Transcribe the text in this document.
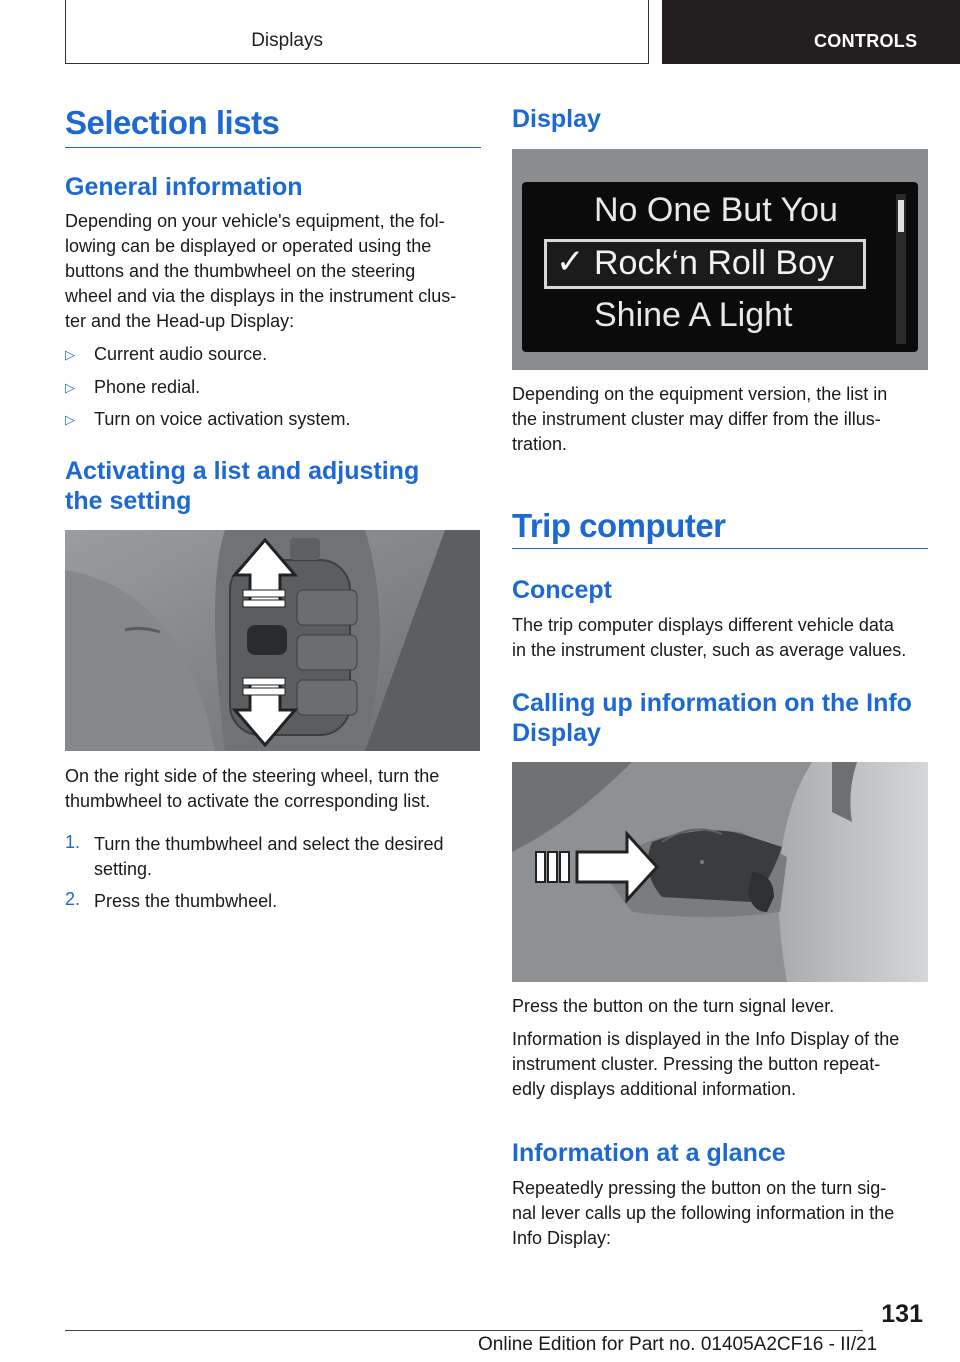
Displays	CONTROLS
Selection lists
General information

Depending on your vehicle's equipment, the fol‐

lowing can be displayed or operated using the

buttons and the thumbwheel on the steering

wheel and via the displays in the instrument clus‐

ter and the Head-up Display:

▷ Current audio source.

▷ Phone redial.

▷ Turn on voice activation system.

Activating a list and adjusting
the setting

On the right side of the steering wheel, turn the

thumbwheel to activate the corresponding list.

1. Turn the thumbwheel and select the desired

setting.

2. Press the thumbwheel.

Display
No One But You
✓ Rock‘n Roll Boy
Shine A Light

Depending on the equipment version, the list in

the instrument cluster may differ from the illus‐

tration.

Trip computer
Concept

The trip computer displays different vehicle data

in the instrument cluster, such as average values.

Calling up information on the Info
Display

Press the button on the turn signal lever.

Information is displayed in the Info Display of the

instrument cluster. Pressing the button repeat‐

edly displays additional information.

Information at a glance

Repeatedly pressing the button on the turn sig‐

nal lever calls up the following information in the

Info Display:

131
Online Edition for Part no. 01405A2CF16 - II/21
